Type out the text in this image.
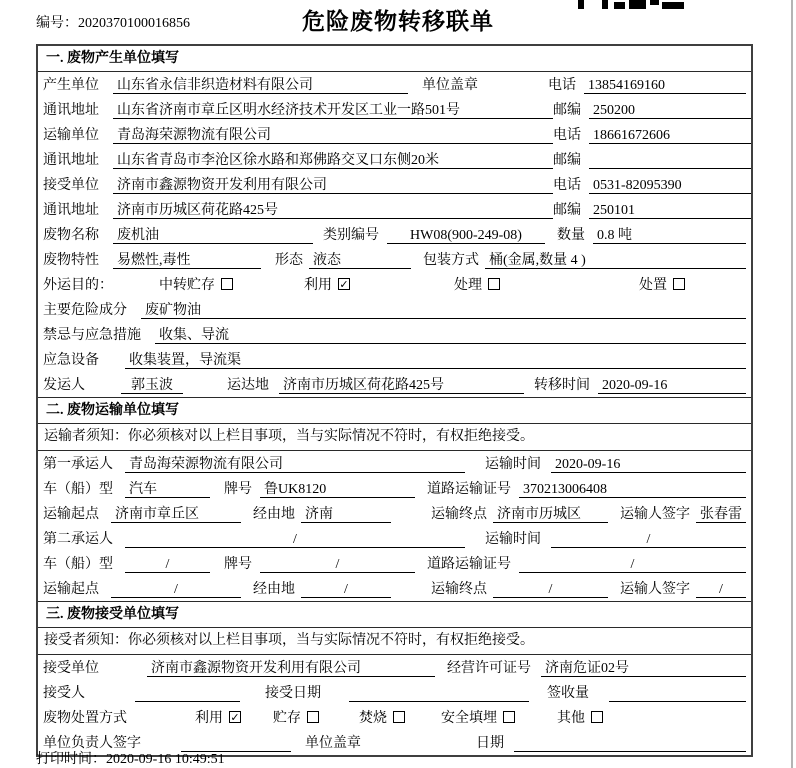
编号：2020370100016856	危险废物转移联单
一. 废物产生单位填写
产生单位 山东省永信非织造材料有限公司	单位盖章	电话 13854169160
通讯地址 山东省济南市章丘区明水经济技术开发区工业一路501号	邮编 250200
运输单位 青岛海荣源物流有限公司	电话 18661672606
通讯地址 山东省青岛市李沧区徐水路和郑佛路交叉口东侧20米	邮编
接受单位 济南市鑫源物资开发利用有限公司	电话 0531-82095390
通讯地址 济南市历城区荷花路425号	邮编 250101
废物名称 废机油	类别编号	HW08(900-249-08)	数量 0.8 吨
废物特性 易燃性,毒性	形态 液态	包装方式 桶(金属,数量 4 )
外运目的：	中转贮存	利用 ✓	处理	处置
主要危险成分 废矿物油
禁忌与应急措施 收集、导流
应急设备 收集装置，导流渠
发运人	郭玉波	运达地 济南市历城区荷花路425号	转移时间 2020-09-16
二. 废物运输单位填写
运输者须知：你必须核对以上栏目事项，当与实际情况不符时，有权拒绝接受。
第一承运人 青岛海荣源物流有限公司	运输时间 2020-09-16
车（船）型 汽车	牌号 鲁UK8120	道路运输证号 370213006408
运输起点 济南市章丘区	经由地 济南	运输终点 济南市历城区	运输人签字 张春雷
第二承运人	/	运输时间	/
车（船）型	/	牌号	/	道路运输证号	/
运输起点	/	经由地	/	运输终点	/	运输人签字	/
三. 废物接受单位填写
接受者须知：你必须核对以上栏目事项，当与实际情况不符时，有权拒绝接受。
接受单位	济南市鑫源物资开发利用有限公司	经营许可证号 济南危证02号
接受人	接受日期	签收量
废物处置方式	利用 ✓ 贮存	焚烧	安全填埋	其他
单位负责人签字	单位盖章	日期
打印时间：2020-09-16 10:49:51
